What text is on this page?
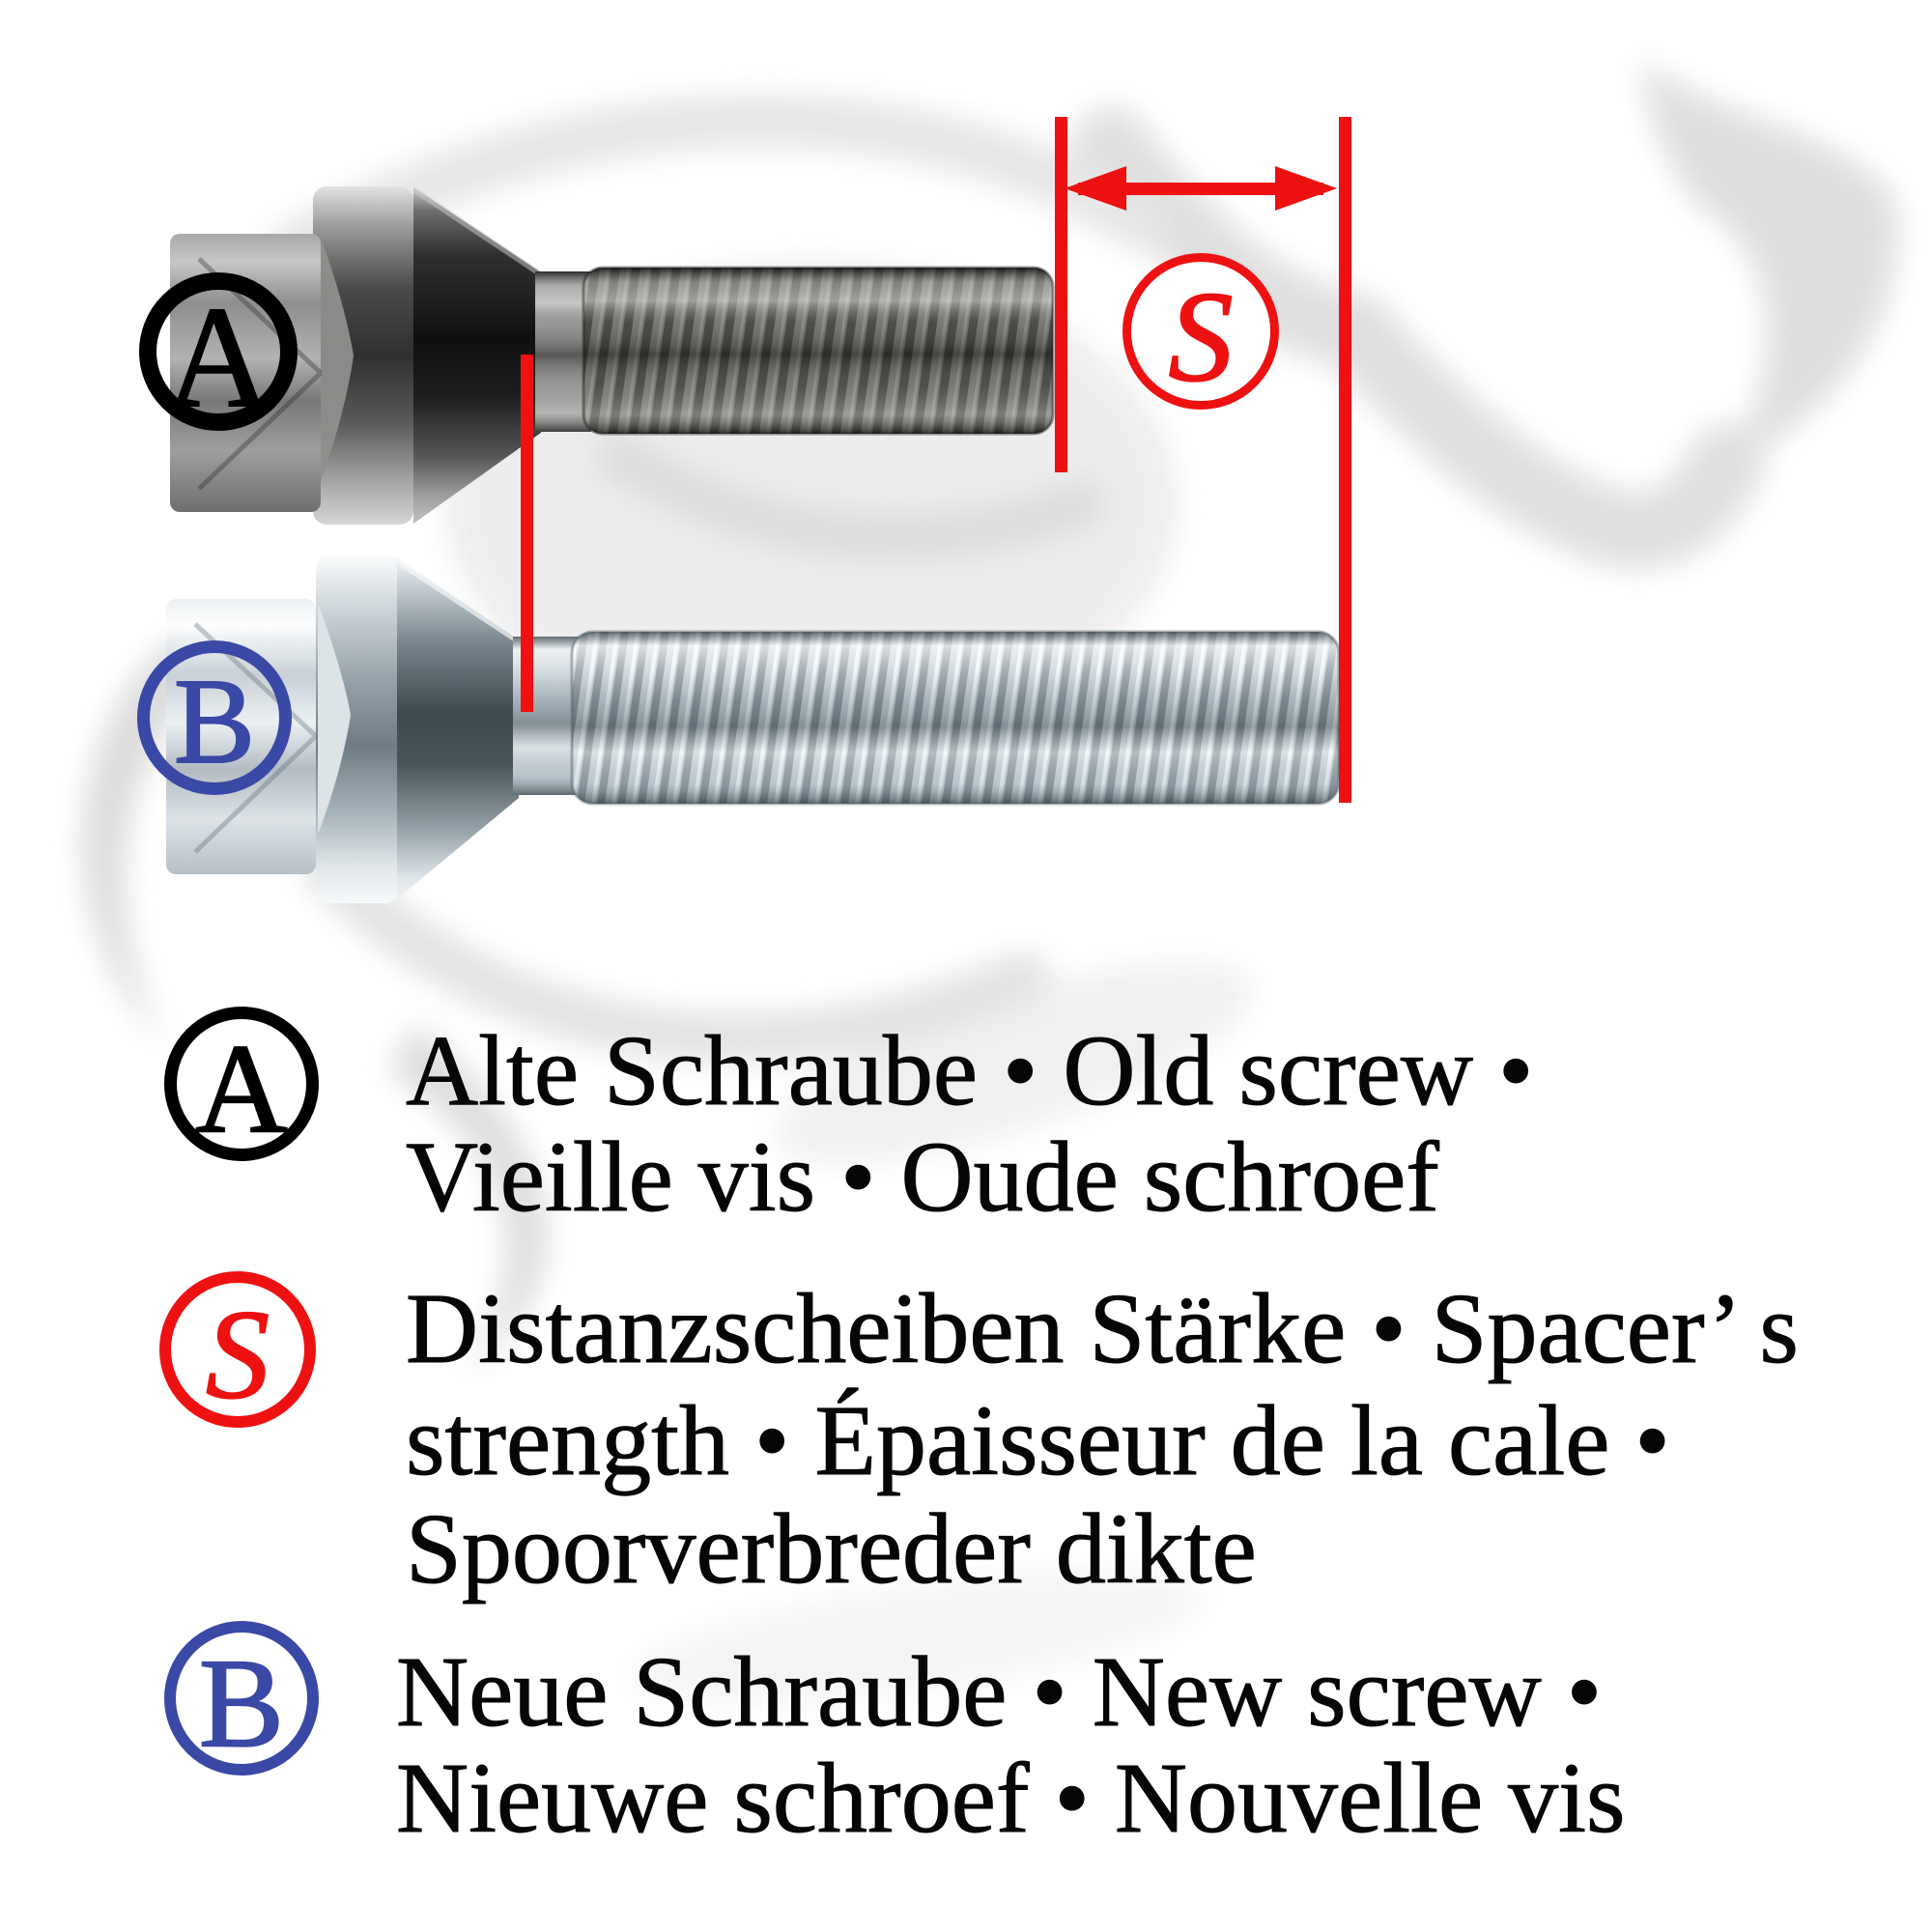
A	S
B
A Alte Schraube • Old screw •
Vieille vis • Oude schroef
S Distanzscheiben Stärke • Spacer’ s
strength • Épaisseur de la cale •
Spoorverbreder dikte
B Neue Schraube • New screw •
Nieuwe schroef • Nouvelle vis
